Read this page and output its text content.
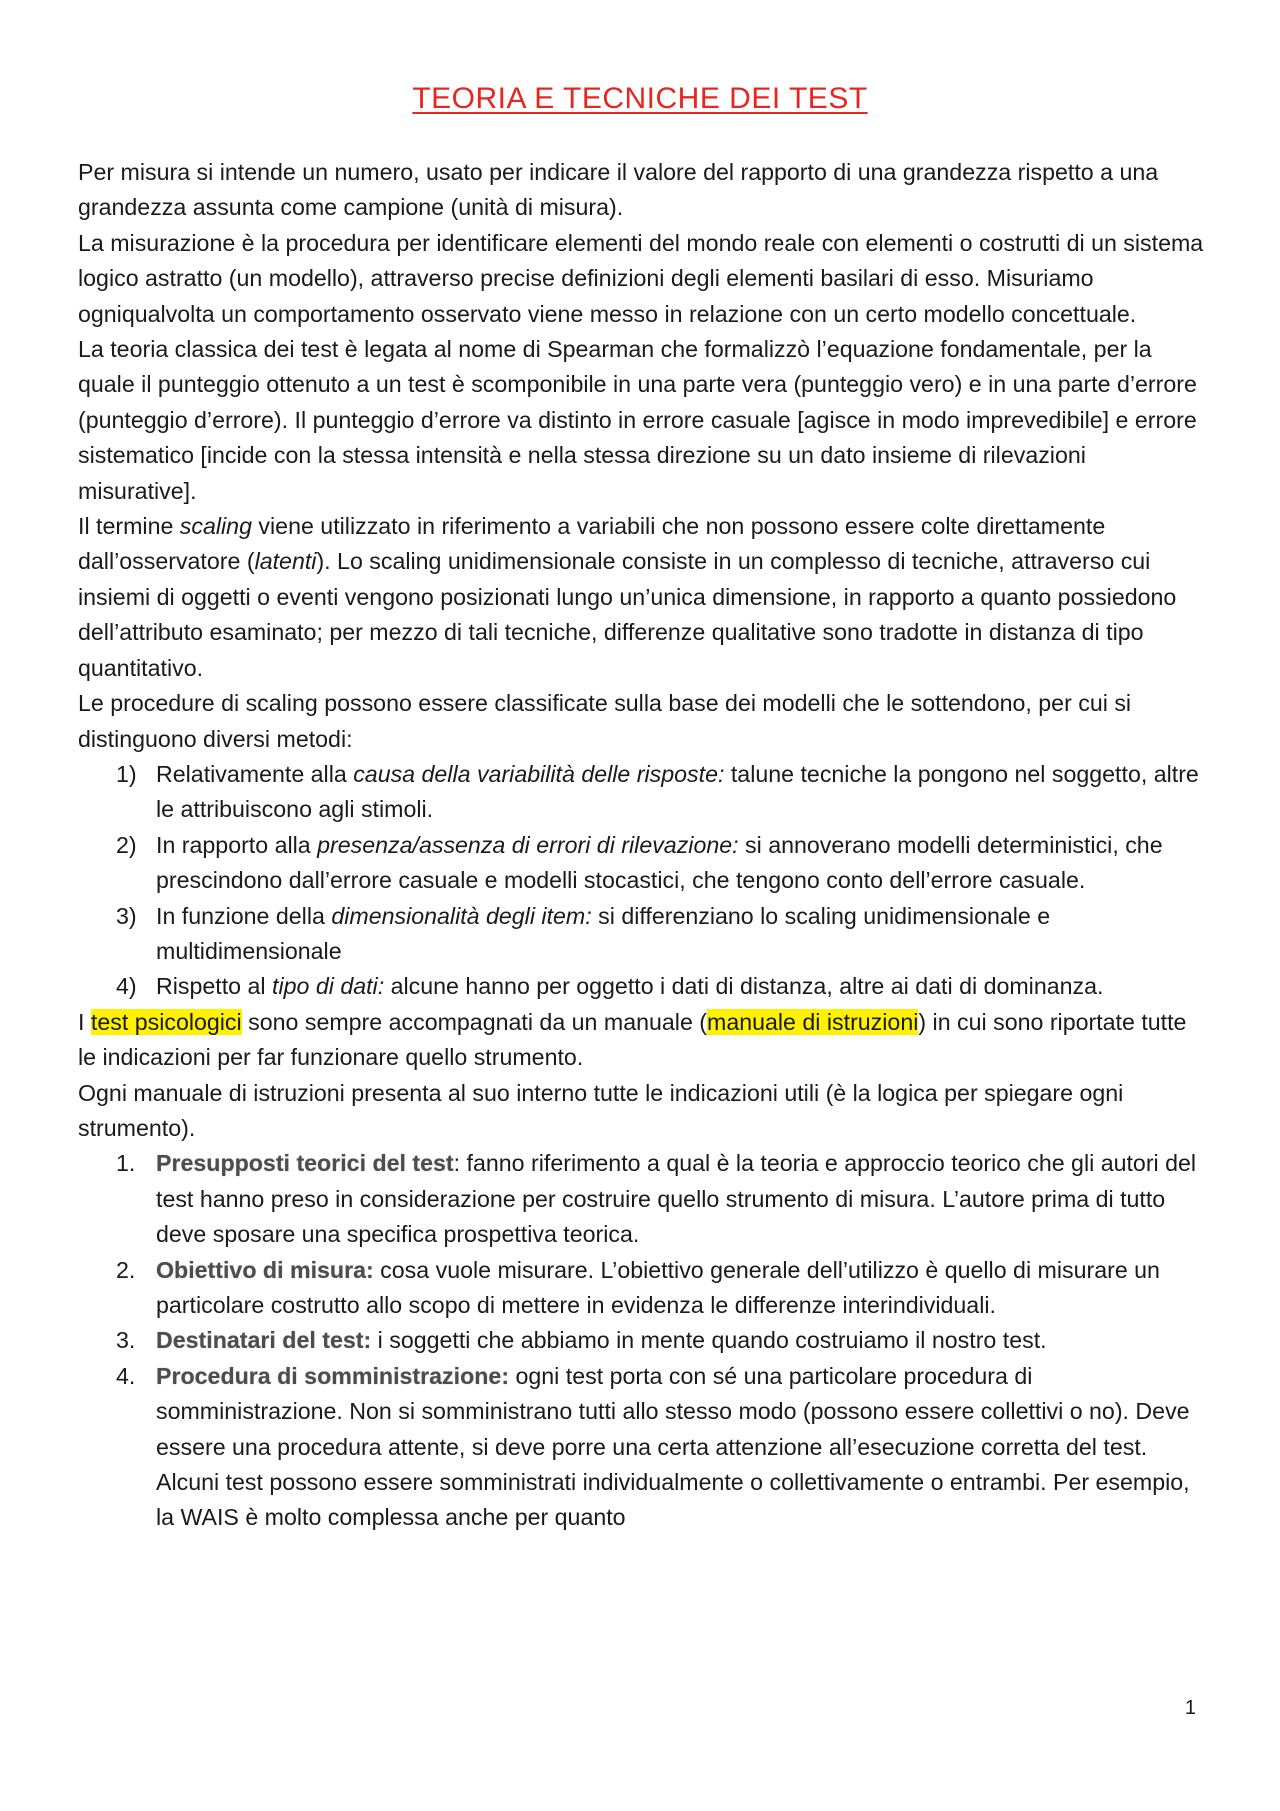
TEORIA E TECNICHE DEI TEST

Per misura si intende un numero, usato per indicare il valore del rapporto di una grandezza rispetto a una grandezza assunta come campione (unità di misura).

La misurazione è la procedura per identificare elementi del mondo reale con elementi o costrutti di un sistema logico astratto (un modello), attraverso precise definizioni degli elementi basilari di esso. Misuriamo ogniqualvolta un comportamento osservato viene messo in relazione con un certo modello concettuale.

La teoria classica dei test è legata al nome di Spearman che formalizzò l’equazione fondamentale, per la quale il punteggio ottenuto a un test è scomponibile in una parte vera (punteggio vero) e in una parte d’errore (punteggio d’errore). Il punteggio d’errore va distinto in errore casuale [agisce in modo imprevedibile] e errore sistematico [incide con la stessa intensità e nella stessa direzione su un dato insieme di rilevazioni misurative].

Il termine scaling viene utilizzato in riferimento a variabili che non possono essere colte direttamente dall’osservatore (latenti). Lo scaling unidimensionale consiste in un complesso di tecniche, attraverso cui insiemi di oggetti o eventi vengono posizionati lungo un’unica dimensione, in rapporto a quanto possiedono dell’attributo esaminato; per mezzo di tali tecniche, differenze qualitative sono tradotte in distanza di tipo quantitativo.

Le procedure di scaling possono essere classificate sulla base dei modelli che le sottendono, per cui si distinguono diversi metodi:

1) Relativamente alla causa della variabilità delle risposte: talune tecniche la pongono nel soggetto, altre le attribuiscono agli stimoli.
2) In rapporto alla presenza/assenza di errori di rilevazione: si annoverano modelli deterministici, che prescindono dall’errore casuale e modelli stocastici, che tengono conto dell’errore casuale.
3) In funzione della dimensionalità degli item: si differenziano lo scaling unidimensionale e multidimensionale
4) Rispetto al tipo di dati: alcune hanno per oggetto i dati di distanza, altre ai dati di dominanza.

I test psicologici sono sempre accompagnati da un manuale (manuale di istruzioni) in cui sono riportate tutte le indicazioni per far funzionare quello strumento.

Ogni manuale di istruzioni presenta al suo interno tutte le indicazioni utili (è la logica per spiegare ogni strumento).

1. Presupposti teorici del test: fanno riferimento a qual è la teoria e approccio teorico che gli autori del test hanno preso in considerazione per costruire quello strumento di misura. L’autore prima di tutto deve sposare una specifica prospettiva teorica.
2. Obiettivo di misura: cosa vuole misurare. L’obiettivo generale dell’utilizzo è quello di misurare un particolare costrutto allo scopo di mettere in evidenza le differenze interindividuali.
3. Destinatari del test: i soggetti che abbiamo in mente quando costruiamo il nostro test.
4. Procedura di somministrazione: ogni test porta con sé una particolare procedura di somministrazione. Non si somministrano tutti allo stesso modo (possono essere collettivi o no). Deve essere una procedura attente, si deve porre una certa attenzione all’esecuzione corretta del test. Alcuni test possono essere somministrati individualmente o collettivamente o entrambi. Per esempio, la WAIS è molto complessa anche per quanto
1
